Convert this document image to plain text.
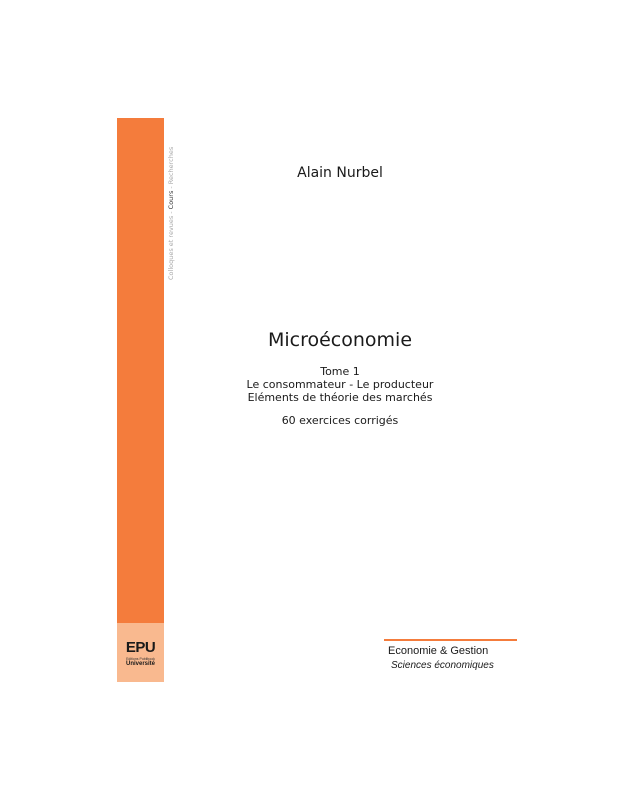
EPU
Editions Publibook
Université
Colloques et revues-Cours-Recherches	Alain Nurbel
Microéconomie
Tome 1
Le consommateur - Le producteur
Eléments de théorie des marchés
60 exercices corrigés
Economie & Gestion
Sciences économiques
